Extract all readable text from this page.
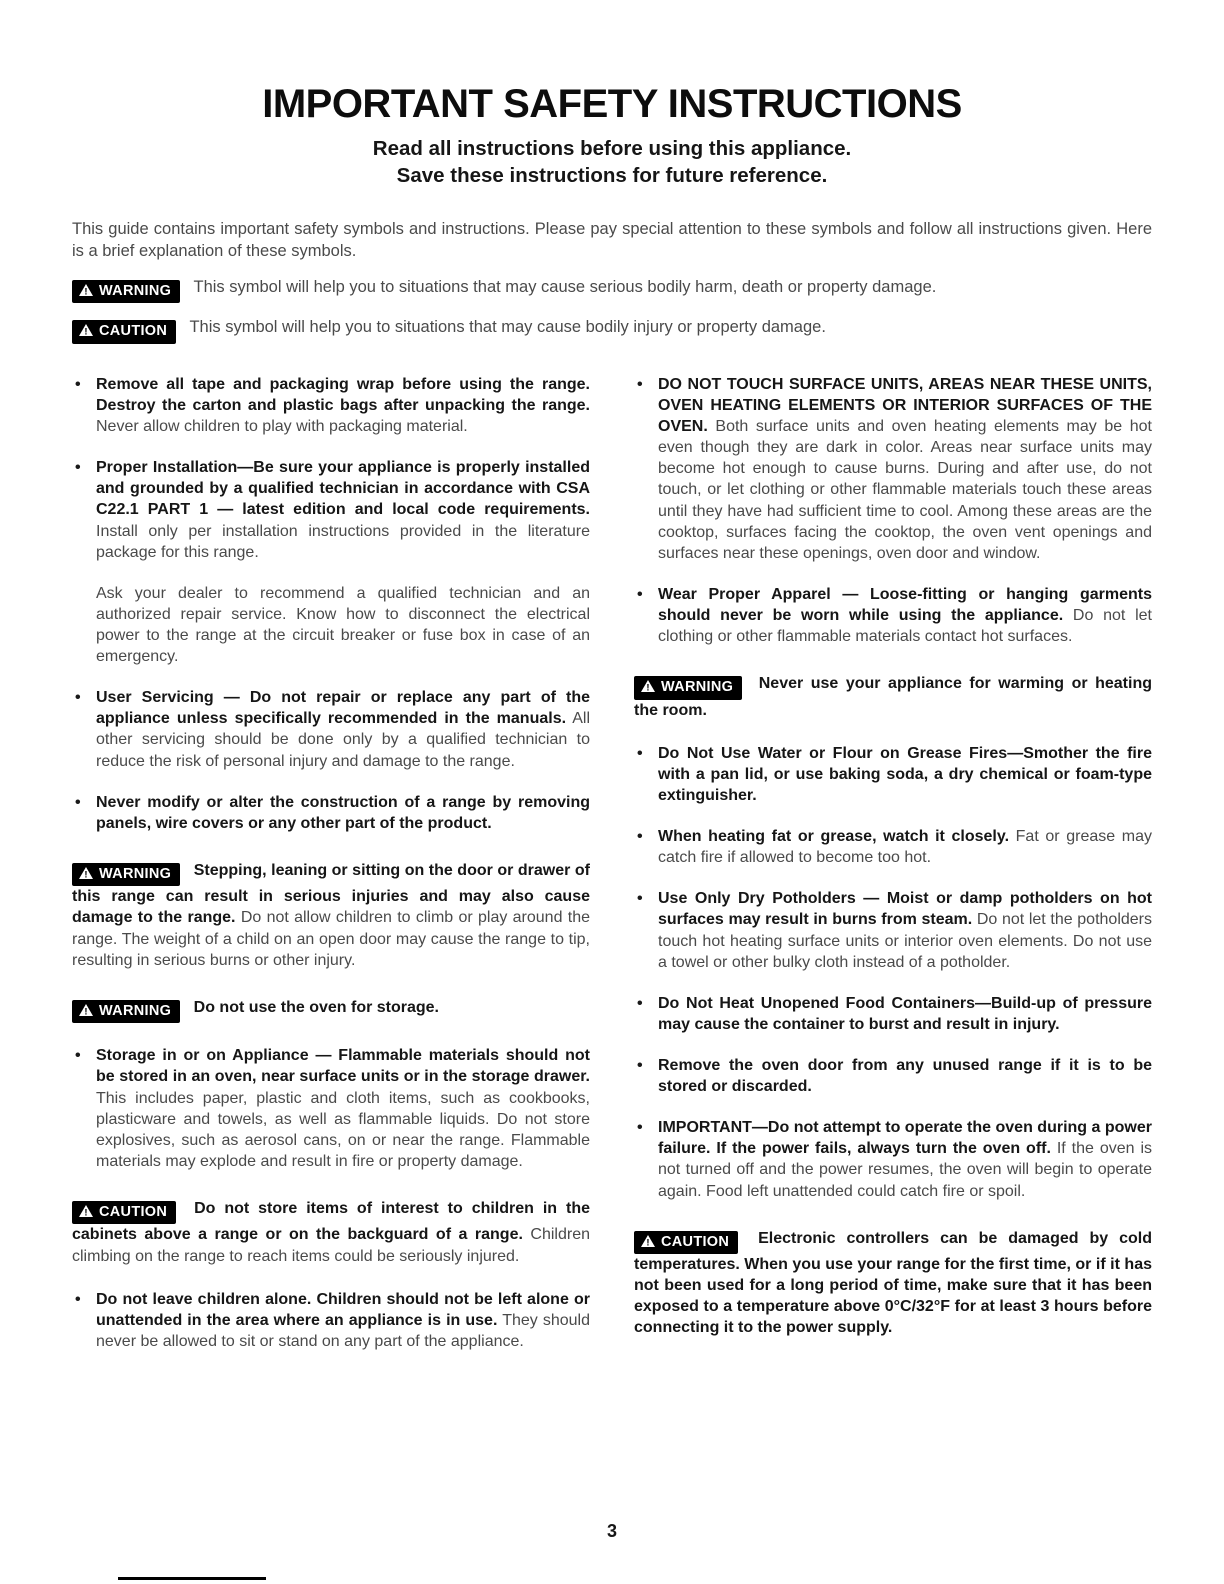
IMPORTANT SAFETY INSTRUCTIONS
Read all instructions before using this appliance.
Save these instructions for future reference.

This guide contains important safety symbols and instructions. Please pay special attention to these symbols and follow all instructions given. Here is a brief explanation of these symbols.

! WARNING This symbol will help you to situations that may cause serious bodily harm, death or property damage.
! CAUTION This symbol will help you to situations that may cause bodily injury or property damage.
•
Remove all tape and packaging wrap before using the range. Destroy the carton and plastic bags after unpacking the range. Never allow children to play with packaging material.
•
Proper Installation—Be sure your appliance is properly installed and grounded by a qualified technician in accordance with CSA C22.1 PART 1 — latest edition and local code requirements. Install only per installation instructions provided in the literature package for this range.
Ask your dealer to recommend a qualified technician and an authorized repair service. Know how to disconnect the electrical power to the range at the circuit breaker or fuse box in case of an emergency.
•
User Servicing — Do not repair or replace any part of the appliance unless specifically recommended in the manuals. All other servicing should be done only by a qualified technician to reduce the risk of personal injury and damage to the range.
•
Never modify or alter the construction of a range by removing panels, wire covers or any other part of the product.
! WARNING Stepping, leaning or sitting on the door or drawer of this range can result in serious injuries and may also cause damage to the range. Do not allow children to climb or play around the range. The weight of a child on an open door may cause the range to tip, resulting in serious burns or other injury.
! WARNING Do not use the oven for storage.
•
Storage in or on Appliance — Flammable materials should not be stored in an oven, near surface units or in the storage drawer. This includes paper, plastic and cloth items, such as cookbooks, plasticware and towels, as well as flammable liquids. Do not store explosives, such as aerosol cans, on or near the range. Flammable materials may explode and result in fire or property damage.
! CAUTION Do not store items of interest to children in the cabinets above a range or on the backguard of a range. Children climbing on the range to reach items could be seriously injured.
•
Do not leave children alone. Children should not be left alone or unattended in the area where an appliance is in use. They should never be allowed to sit or stand on any part of the appliance.
•
DO NOT TOUCH SURFACE UNITS, AREAS NEAR THESE UNITS, OVEN HEATING ELEMENTS OR INTERIOR SURFACES OF THE OVEN. Both surface units and oven heating elements may be hot even though they are dark in color. Areas near surface units may become hot enough to cause burns. During and after use, do not touch, or let clothing or other flammable materials touch these areas until they have had sufficient time to cool. Among these areas are the cooktop, surfaces facing the cooktop, the oven vent openings and surfaces near these openings, oven door and window.
•
Wear Proper Apparel — Loose-fitting or hanging garments should never be worn while using the appliance. Do not let clothing or other flammable materials contact hot surfaces.
! WARNING Never use your appliance for warming or heating the room.
•
Do Not Use Water or Flour on Grease Fires—Smother the fire with a pan lid, or use baking soda, a dry chemical or foam-type extinguisher.
•
When heating fat or grease, watch it closely. Fat or grease may catch fire if allowed to become too hot.
•
Use Only Dry Potholders — Moist or damp potholders on hot surfaces may result in burns from steam. Do not let the potholders touch hot heating surface units or interior oven elements. Do not use a towel or other bulky cloth instead of a potholder.
•
Do Not Heat Unopened Food Containers—Build-up of pressure may cause the container to burst and result in injury.
•
Remove the oven door from any unused range if it is to be stored or discarded.
•
IMPORTANT—Do not attempt to operate the oven during a power failure. If the power fails, always turn the oven off. If the oven is not turned off and the power resumes, the oven will begin to operate again. Food left unattended could catch fire or spoil.
! CAUTION Electronic controllers can be damaged by cold temperatures. When you use your range for the first time, or if it has not been used for a long period of time, make sure that it has been exposed to a temperature above 0°C/32°F for at least 3 hours before connecting it to the power supply.
3
